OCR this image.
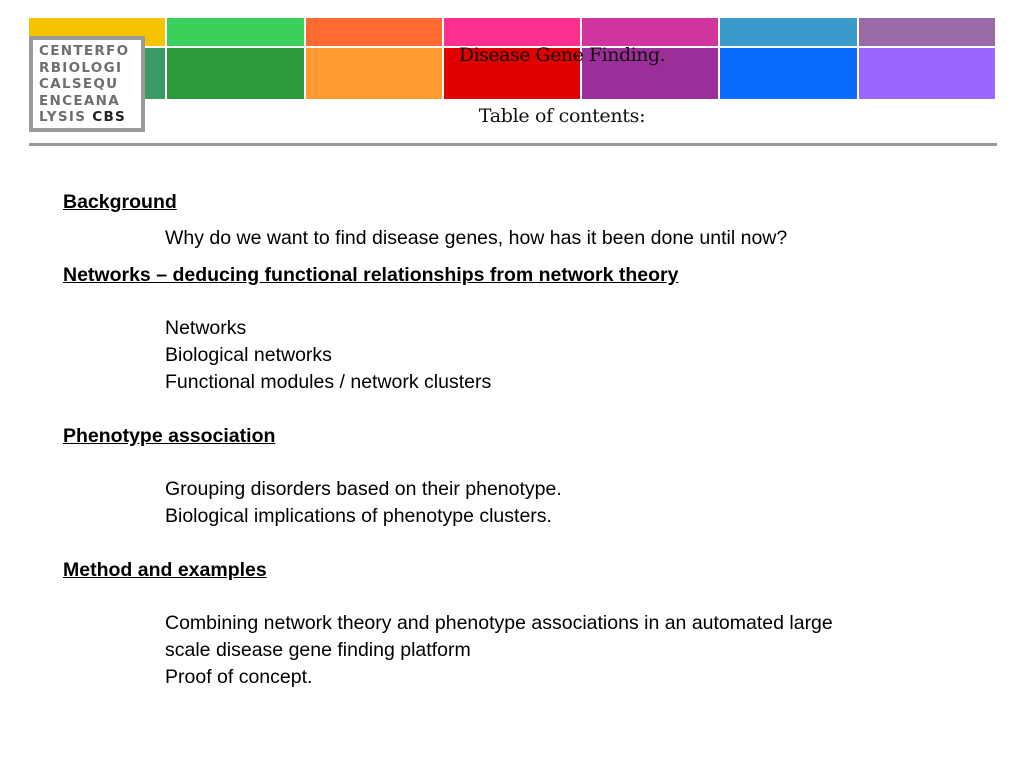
CENTERFO
RBIOLOGI
CALSEQU
ENCEANA
LYSIS CBS
Disease Gene Finding.
Table of contents:
Background
Why do we want to find disease genes, how has it been done until now?
Networks – deducing functional relationships from network theory
Networks
Biological networks
Functional modules / network clusters
Phenotype association
Grouping disorders based on their phenotype.
Biological implications of phenotype clusters.
Method and examples
Combining network theory and phenotype associations in an automated large
scale disease gene finding platform
Proof of concept.
